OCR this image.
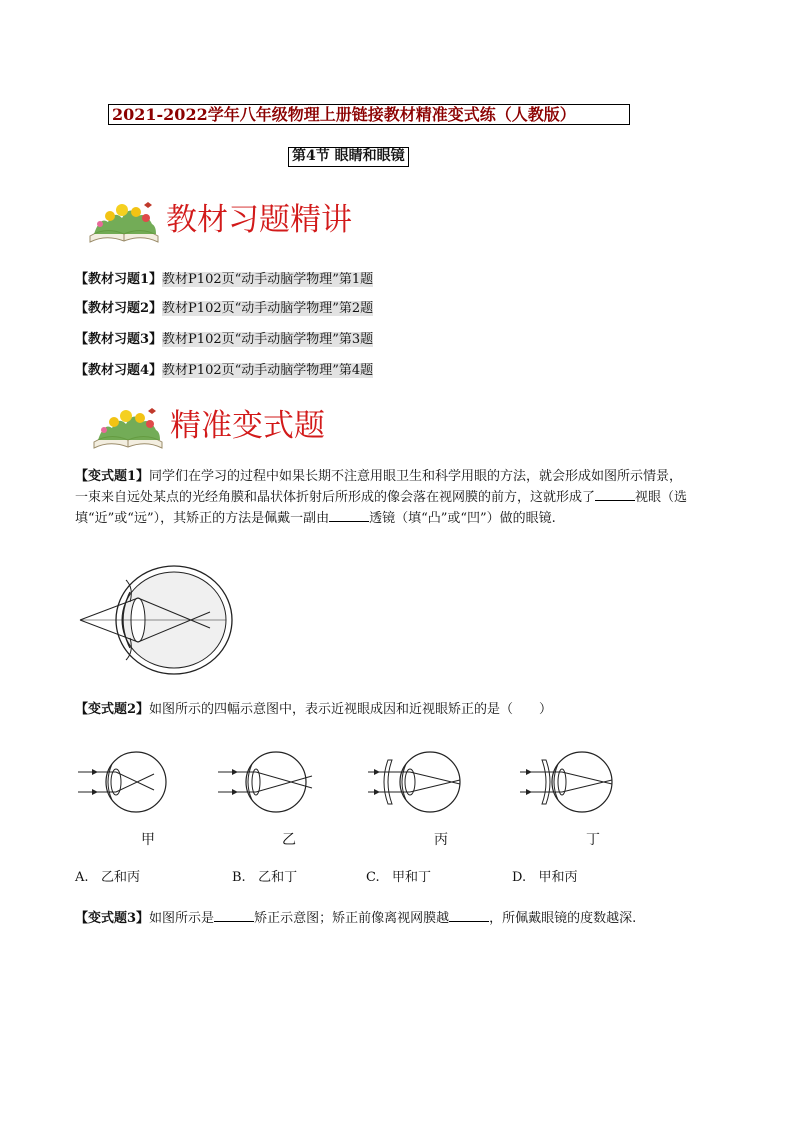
2021-2022学年八年级物理上册链接教材精准变式练（人教版）
第4节 眼睛和眼镜
教材习题精讲
【教材习题1】教材P102页“动手动脑学物理”第1题
【教材习题2】教材P102页“动手动脑学物理”第2题
【教材习题3】教材P102页“动手动脑学物理”第3题
【教材习题4】教材P102页“动手动脑学物理”第4题
精准变式题
【变式题1】同学们在学习的过程中如果长期不注意用眼卫生和科学用眼的方法，就会形成如图所示情景，
一束来自远处某点的光经角膜和晶状体折射后所形成的像会落在视网膜的前方，这就形成了	视眼（选
填“近”或“远”），其矫正的方法是佩戴一副由	透镜（填“凸”或“凹”）做的眼镜.
【变式题2】如图所示的四幅示意图中，表示近视眼成因和近视眼矫正的是（　　）
甲	乙	丙	丁
A. 乙和丙	B. 乙和丁	C. 甲和丁	D. 甲和丙
【变式题3】如图所示是	矫正示意图；矫正前像离视网膜越	，所佩戴眼镜的度数越深.
